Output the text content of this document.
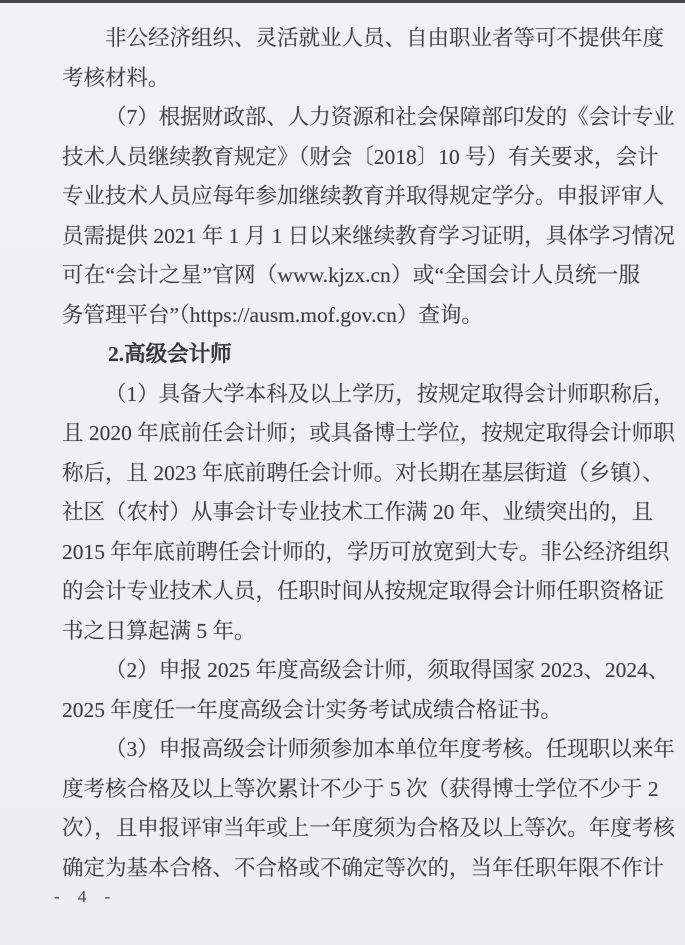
非公经济组织、灵活就业人员、自由职业者等可不提供年度
考核材料。
（7）根据财政部、人力资源和社会保障部印发的《会计专业
技术人员继续教育规定》（财会〔2018〕10 号）有关要求，会计
专业技术人员应每年参加继续教育并取得规定学分。申报评审人
员需提供 2021 年 1 月 1 日以来继续教育学习证明，具体学习情况
可在“会计之星”官网（www.kjzx.cn）或“全国会计人员统一服
务管理平台”（https://ausm.mof.gov.cn）查询。
2.高级会计师
（1）具备大学本科及以上学历，按规定取得会计师职称后，
且 2020 年底前任会计师；或具备博士学位，按规定取得会计师职
称后，且 2023 年底前聘任会计师。对长期在基层街道（乡镇）、
社区（农村）从事会计专业技术工作满 20 年、业绩突出的，且
2015 年年底前聘任会计师的，学历可放宽到大专。非公经济组织
的会计专业技术人员，任职时间从按规定取得会计师任职资格证
书之日算起满 5 年。
（2）申报 2025 年度高级会计师，须取得国家 2023、2024、
2025 年度任一年度高级会计实务考试成绩合格证书。
（3）申报高级会计师须参加本单位年度考核。任现职以来年
度考核合格及以上等次累计不少于 5 次（获得博士学位不少于 2
次），且申报评审当年或上一年度须为合格及以上等次。年度考核
确定为基本合格、不合格或不确定等次的，当年任职年限不作计
- 4 -
